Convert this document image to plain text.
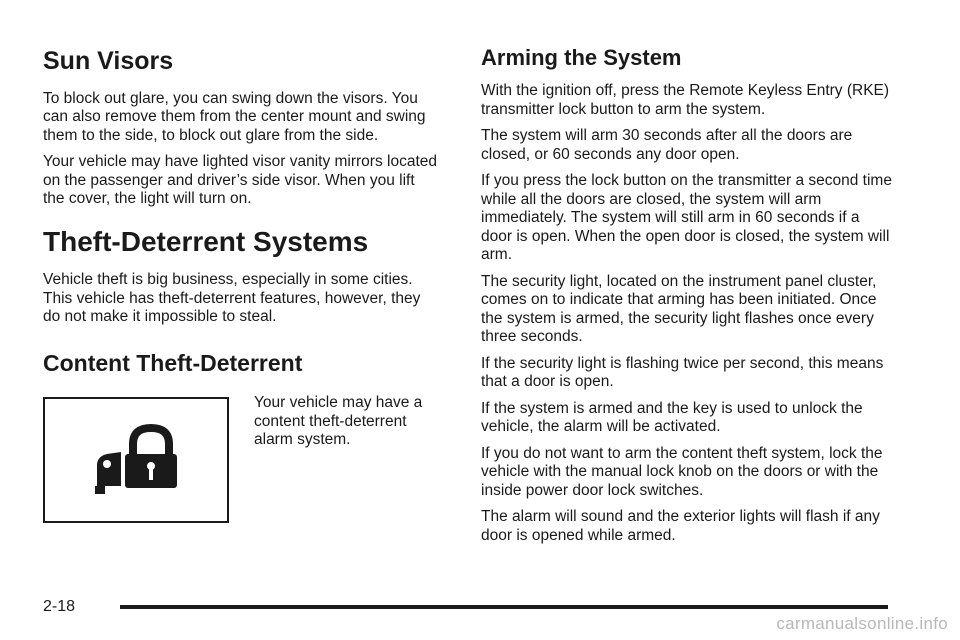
Sun Visors

To block out glare, you can swing down the visors. You can also remove them from the center mount and swing them to the side, to block out glare from the side.

Your vehicle may have lighted visor vanity mirrors located on the passenger and driver’s side visor. When you lift the cover, the light will turn on.

Theft-Deterrent Systems

Vehicle theft is big business, especially in some cities. This vehicle has theft-deterrent features, however, they do not make it impossible to steal.

Content Theft-Deterrent

Your vehicle may have a content theft-deterrent alarm system.

Arming the System

With the ignition off, press the Remote Keyless Entry (RKE) transmitter lock button to arm the system.

The system will arm 30 seconds after all the doors are closed, or 60 seconds any door open.

If you press the lock button on the transmitter a second time while all the doors are closed, the system will arm immediately. The system will still arm in 60 seconds if a door is open. When the open door is closed, the system will arm.

The security light, located on the instrument panel cluster, comes on to indicate that arming has been initiated. Once the system is armed, the security light flashes once every three seconds.

If the security light is flashing twice per second, this means that a door is open.

If the system is armed and the key is used to unlock the vehicle, the alarm will be activated.

If you do not want to arm the content theft system, lock the vehicle with the manual lock knob on the doors or with the inside power door lock switches.

The alarm will sound and the exterior lights will flash if any door is opened while armed.

2-18
carmanualsonline.info
